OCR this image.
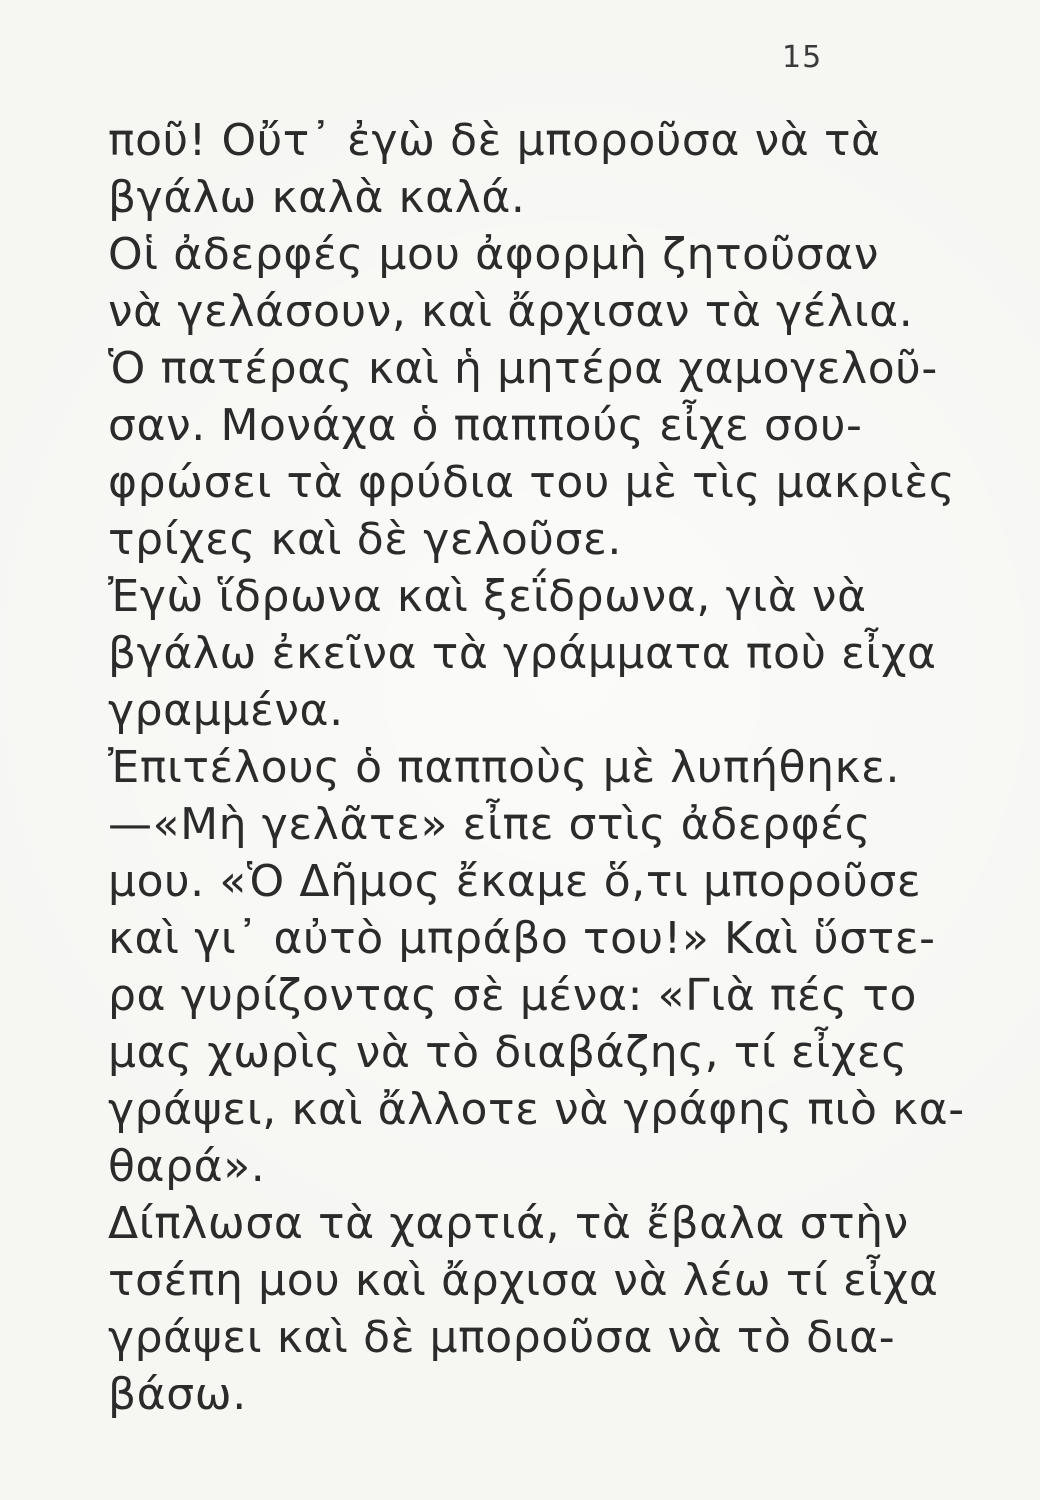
15
ποῦ! Οὔτ᾽ ἐγὼ δὲ μποροῦσα νὰ τὰ
βγάλω καλὰ καλά.
Οἱ ἀδερφές μου ἀφορμὴ ζητοῦσαν
νὰ γελάσουν, καὶ ἄρχισαν τὰ γέλια.
Ὁ πατέρας καὶ ἡ μητέρα χαμογελοῦ-
σαν. Μονάχα ὁ παππούς εἶχε σου-
φρώσει τὰ φρύδια του μὲ τὶς μακριὲς
τρίχες καὶ δὲ γελοῦσε.
Ἐγὼ ἵδρωνα καὶ ξεΐδρωνα, γιὰ νὰ
βγάλω ἐκεῖνα τὰ γράμματα ποὺ εἶχα
γραμμένα.
Ἐπιτέλους ὁ παπποὺς μὲ λυπήθηκε.
—«Μὴ γελᾶτε» εἶπε στὶς ἀδερφές
μου. «Ὁ Δῆμος ἔκαμε ὅ,τι μποροῦσε
καὶ γι᾽ αὐτὸ μπράβο του!» Καὶ ὕστε-
ρα γυρίζοντας σὲ μένα: «Γιὰ πές το
μας χωρὶς νὰ τὸ διαβάζης, τί εἶχες
γράψει, καὶ ἄλλοτε νὰ γράφης πιὸ κα-
θαρά».
Δίπλωσα τὰ χαρτιά, τὰ ἔβαλα στὴν
τσέπη μου καὶ ἄρχισα νὰ λέω τί εἶχα
γράψει καὶ δὲ μποροῦσα νὰ τὸ δια-
βάσω.
